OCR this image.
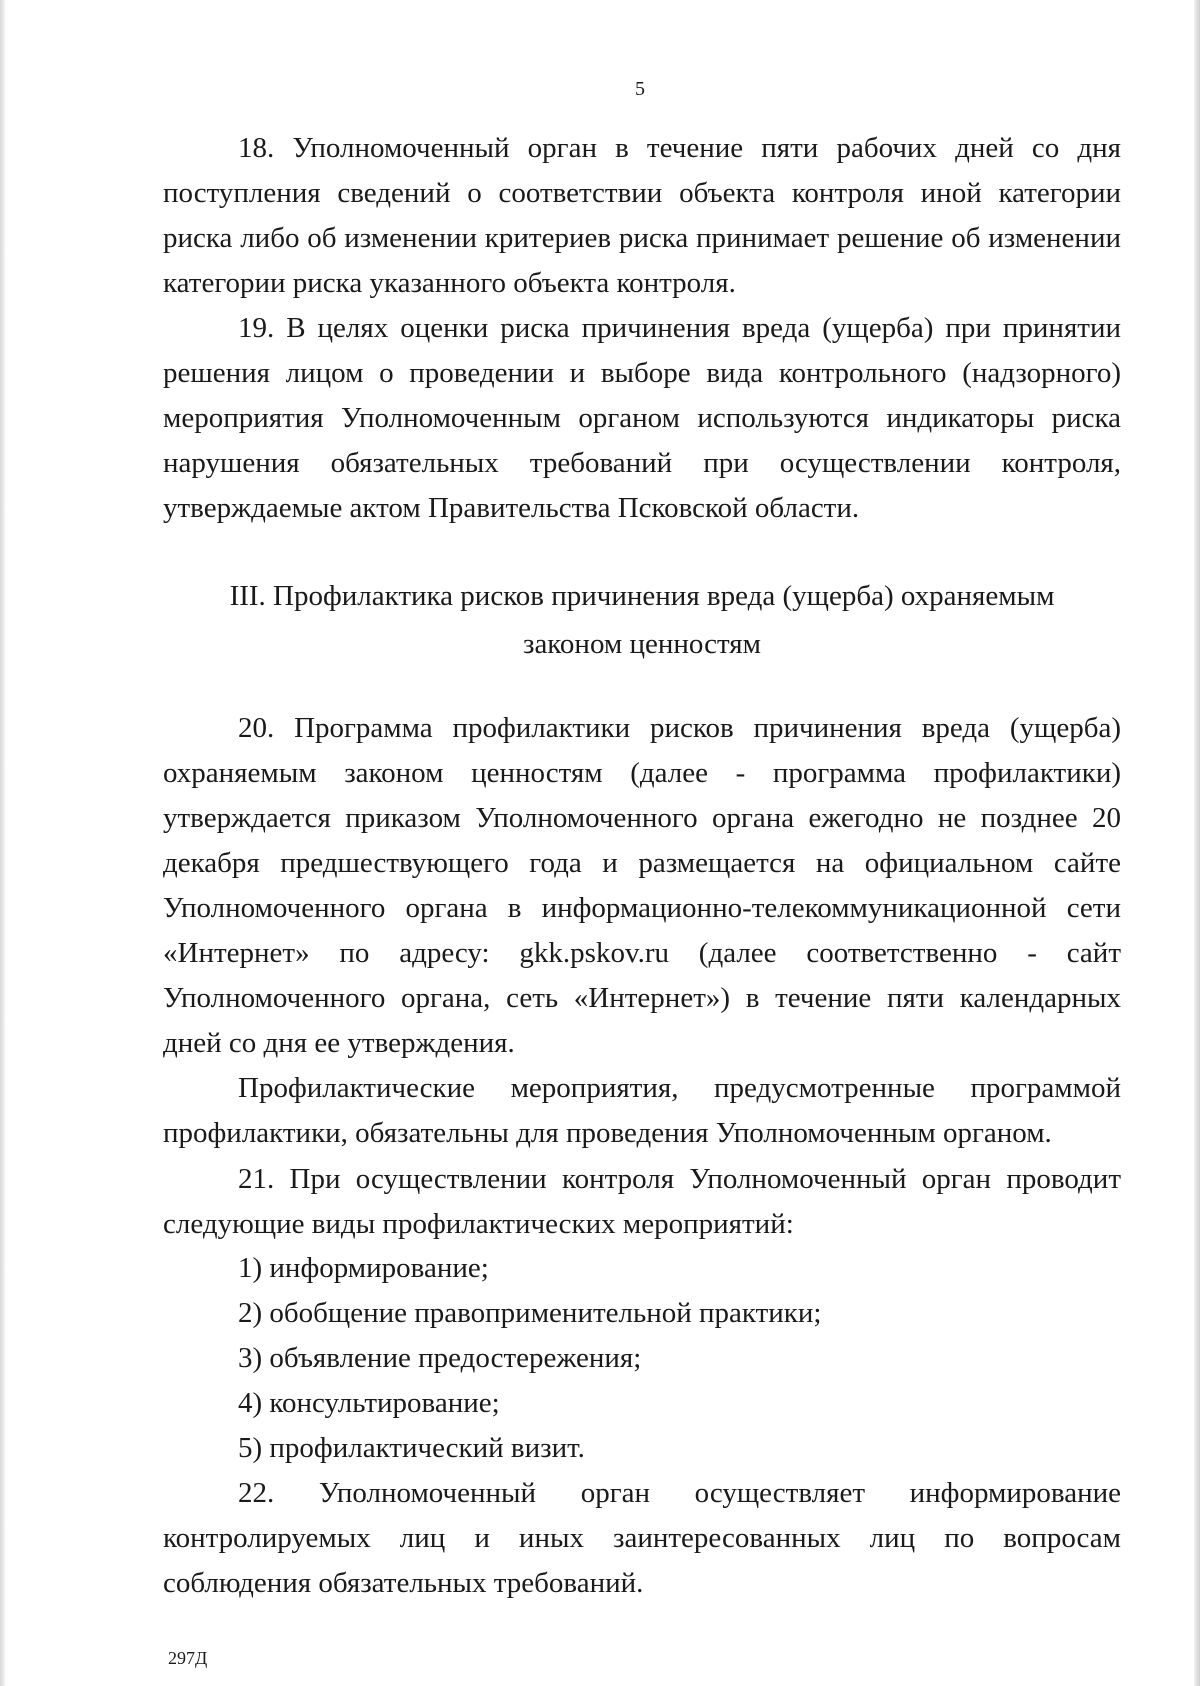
5

18. Уполномоченный орган в течение пяти рабочих дней со дня поступления сведений о соответствии объекта контроля иной категории риска либо об изменении критериев риска принимает решение об изменении категории риска указанного объекта контроля.

19. В целях оценки риска причинения вреда (ущерба) при принятии решения лицом о проведении и выборе вида контрольного (надзорного) мероприятия Уполномоченным органом используются индикаторы риска нарушения обязательных требований при осуществлении контроля, утверждаемые актом Правительства Псковской области.

III. Профилактика рисков причинения вреда (ущерба) охраняемым
законом ценностям

20. Программа профилактики рисков причинения вреда (ущерба) охраняемым законом ценностям (далее - программа профилактики) утверждается приказом Уполномоченного органа ежегодно не позднее 20 декабря предшествующего года и размещается на официальном сайте Уполномоченного органа в информационно-телекоммуникационной сети «Интернет» по адресу: gkk.pskov.ru (далее соответственно - сайт Уполномоченного органа, сеть «Интернет») в течение пяти календарных дней со дня ее утверждения.

Профилактические мероприятия, предусмотренные программой профилактики, обязательны для проведения Уполномоченным органом.

21. При осуществлении контроля Уполномоченный орган проводит следующие виды профилактических мероприятий:

1) информирование;
2) обобщение правоприменительной практики;
3) объявление предостережения;
4) консультирование;
5) профилактический визит.

22. Уполномоченный орган осуществляет информирование контролируемых лиц и иных заинтересованных лиц по вопросам соблюдения обязательных требований.

297Д
